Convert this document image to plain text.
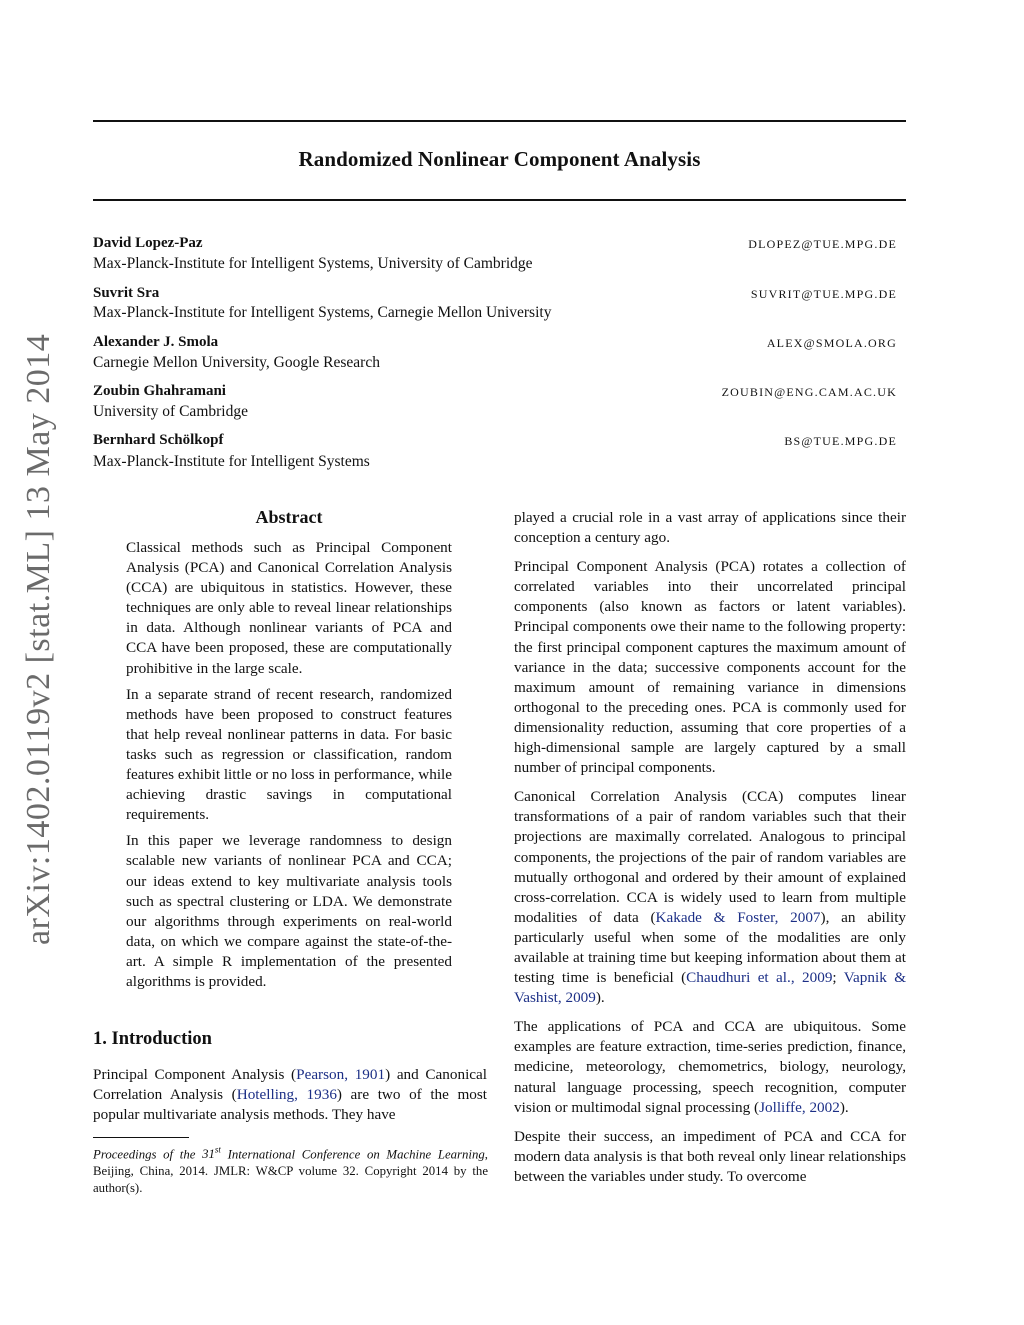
arXiv:1402.0119v2 [stat.ML] 13 May 2014
Randomized Nonlinear Component Analysis
David Lopez-Paz	DLOPEZ@TUE.MPG.DE
Max-Planck-Institute for Intelligent Systems, University of Cambridge
Suvrit Sra	SUVRIT@TUE.MPG.DE
Max-Planck-Institute for Intelligent Systems, Carnegie Mellon University
Alexander J. Smola	ALEX@SMOLA.ORG
Carnegie Mellon University, Google Research
Zoubin Ghahramani	ZOUBIN@ENG.CAM.AC.UK
University of Cambridge
Bernhard Schölkopf	BS@TUE.MPG.DE
Max-Planck-Institute for Intelligent Systems
Abstract

Classical methods such as Principal Component Analysis (PCA) and Canonical Correlation Analysis (CCA) are ubiquitous in statistics. However, these techniques are only able to reveal linear relationships in data. Although nonlinear variants of PCA and CCA have been proposed, these are computationally prohibitive in the large scale.

In a separate strand of recent research, randomized methods have been proposed to construct features that help reveal nonlinear patterns in data. For basic tasks such as regression or classification, random features exhibit little or no loss in performance, while achieving drastic savings in computational requirements.

In this paper we leverage randomness to design scalable new variants of nonlinear PCA and CCA; our ideas extend to key multivariate analysis tools such as spectral clustering or LDA. We demonstrate our algorithms through experiments on real-world data, on which we compare against the state-of-the-art. A simple R implementation of the presented algorithms is provided.

1. Introduction

Principal Component Analysis (Pearson, 1901) and Canonical Correlation Analysis (Hotelling, 1936) are two of the most popular multivariate analysis methods. They have

Proceedings of the 31st International Conference on Machine Learning, Beijing, China, 2014. JMLR: W&CP volume 32. Copyright 2014 by the author(s).

played a crucial role in a vast array of applications since their conception a century ago.

Principal Component Analysis (PCA) rotates a collection of correlated variables into their uncorrelated principal components (also known as factors or latent variables). Principal components owe their name to the following property: the first principal component captures the maximum amount of variance in the data; successive components account for the maximum amount of remaining variance in dimensions orthogonal to the preceding ones. PCA is commonly used for dimensionality reduction, assuming that core properties of a high-dimensional sample are largely captured by a small number of principal components.

Canonical Correlation Analysis (CCA) computes linear transformations of a pair of random variables such that their projections are maximally correlated. Analogous to principal components, the projections of the pair of random variables are mutually orthogonal and ordered by their amount of explained cross-correlation. CCA is widely used to learn from multiple modalities of data (Kakade & Foster, 2007), an ability particularly useful when some of the modalities are only available at training time but keeping information about them at testing time is beneficial (Chaudhuri et al., 2009; Vapnik & Vashist, 2009).

The applications of PCA and CCA are ubiquitous. Some examples are feature extraction, time-series prediction, finance, medicine, meteorology, chemometrics, biology, neurology, natural language processing, speech recognition, computer vision or multimodal signal processing (Jolliffe, 2002).

Despite their success, an impediment of PCA and CCA for modern data analysis is that both reveal only linear relationships between the variables under study. To overcome
